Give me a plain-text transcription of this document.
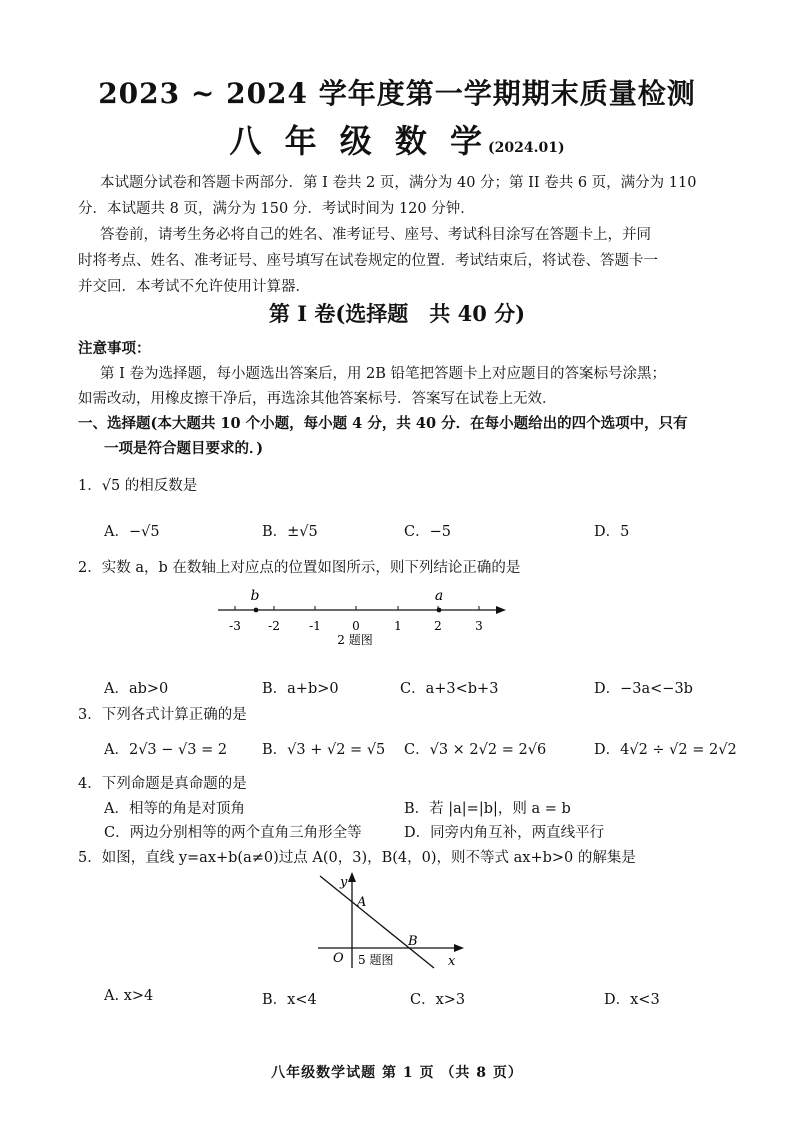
2023 ~ 2024 学年度第一学期期末质量检测
八 年 级 数 学(2024.01)
本试题分试卷和答题卡两部分．第 I 卷共 2 页，满分为 40 分；第 II 卷共 6 页，满分为 110
分．本试题共 8 页，满分为 150 分．考试时间为 120 分钟．
答卷前，请考生务必将自己的姓名、准考证号、座号、考试科目涂写在答题卡上，并同
时将考点、姓名、准考证号、座号填写在试卷规定的位置．考试结束后，将试卷、答题卡一
并交回．本考试不允许使用计算器．
第 I 卷(选择题　共 40 分)
注意事项：
第 I 卷为选择题，每小题选出答案后，用 2B 铅笔把答题卡上对应题目的答案标号涂黑；
如需改动，用橡皮擦干净后，再选涂其他答案标号．答案写在试卷上无效．
一、选择题(本大题共 10 个小题，每小题 4 分，共 40 分．在每小题给出的四个选项中，只有
一项是符合题目要求的．)
1．√5 的相反数是
A．−√5	B．±√5	C．−5	D．5
2．实数 a，b 在数轴上对应点的位置如图所示，则下列结论正确的是
-3 -2 -1	0	1	2	3
b	a
2 题图
A．ab>0	B．a+b>0	C．a+3<b+3	D．−3a<−3b
3．下列各式计算正确的是
A．2√3 − √3 = 2 B．√3 + √2 = √5 C．√3 × 2√2 = 2√6	D．4√2 ÷ √2 = 2√2
4．下列命题是真命题的是
A．相等的角是对顶角	B．若 |a|=|b|，则 a = b
C．两边分别相等的两个直角三角形全等	D．同旁内角互补，两直线平行
5．如图，直线 y=ax+b(a≠0)过点 A(0，3)，B(4，0)，则不等式 ax+b>0 的解集是
y
A
B
O	x
5 题图
A. x>4	B．x<4	C．x>3	D．x<3
八年级数学试题 第 1 页 （共 8 页）
